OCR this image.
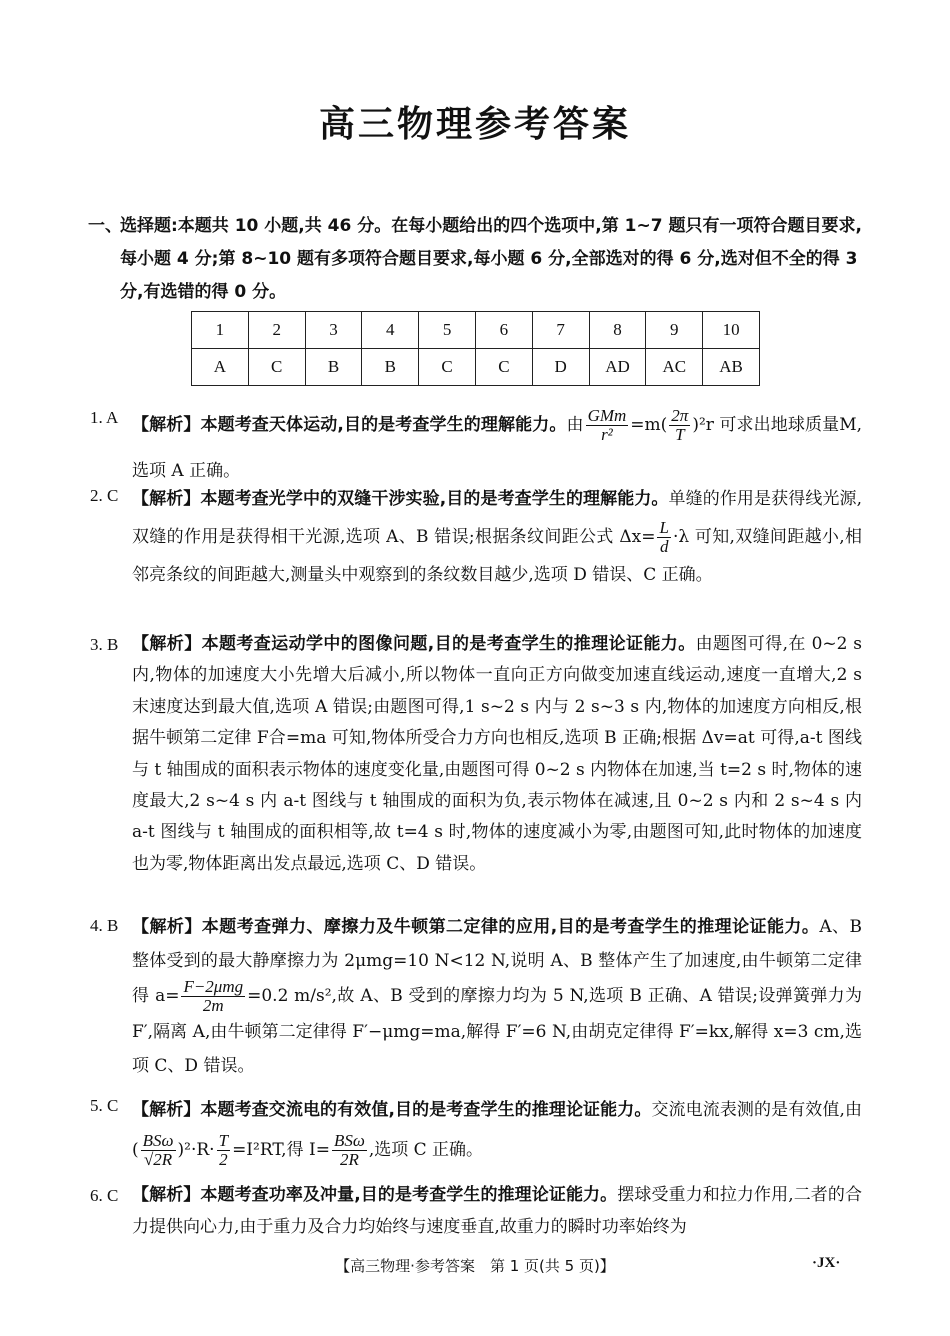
高三物理参考答案
一、
选择题:本题共 10 小题,共 46 分。在每小题给出的四个选项中,第 1~7 题只有一项符合题目要求,每小题 4 分;第 8~10 题有多项符合题目要求,每小题 6 分,全部选对的得 6 分,选对但不全的得 3 分,有选错的得 0 分。
1	2	3	4	5	6	7	8	9	10
A	C	B	B	C	C	D	AD	AC	AB
1. A 【解析】本题考查天体运动,目的是考查学生的理解能力。由 $\frac{\text{GMm}}{\text{r²}} =m( \frac{2\pi}{T} )^2r$ 可求出地球质量M,选项 A 正确。
2. C 【解析】本题考查光学中的双缝干涉实验,目的是考查学生的理解能力。单缝的作用是获得线光源,双缝的作用是获得相干光源,选项 A、B 错误;根据条纹间距公式 $\Delta x= \frac{L}{d} \cdot\lambda$ 可知,双缝间距越小,相邻亮条纹的间距越大,测量头中观察到的条纹数目越少,选项 D 错误、C 正确。
3. B 【解析】本题考查运动学中的图像问题,目的是考查学生的推理论证能力。由题图可得,在 0~2 s 内,物体的加速度大小先增大后减小,所以物体一直向正方向做变加速直线运动,速度一直增大,2 s 末速度达到最大值,选项 A 错误;由题图可得,1 s~2 s 内与 2 s~3 s 内,物体的加速度方向相反,根据牛顿第二定律 F合=ma 可知,物体所受合力方向也相反,选项 B 正确;根据 Δv=at 可得,a-t 图线与 t 轴围成的面积表示物体的速度变化量,由题图可得 0~2 s 内物体在加速,当 t=2 s 时,物体的速度最大,2 s~4 s 内 a-t 图线与 t 轴围成的面积为负,表示物体在减速,且 0~2 s 内和 2 s~4 s 内 a-t 图线与 t 轴围成的面积相等,故 t=4 s 时,物体的速度减小为零,由题图可知,此时物体的加速度也为零,物体距离出发点最远,选项 C、D 错误。
4. B 【解析】本题考查弹力、摩擦力及牛顿第二定律的应用,目的是考查学生的推理论证能力。A、B 整体受到的最大静摩擦力为 2μmg=10 N<12 N,说明 A、B 整体产生了加速度,由牛顿第二定律得 $a= \frac{\text{F−2μmg}}{2m} =0.2$ m/s²,故 A、B 受到的摩擦力均为 5 N,选项 B 正确、A 错误;设弹簧弹力为 F′,隔离 A,由牛顿第二定律得 F′−μmg=ma,解得 F′=6 N,由胡克定律得 F′=kx,解得 x=3 cm,选项 C、D 错误。
5. C 【解析】本题考查交流电的有效值,目的是考查学生的推理论证能力。交流电流表测的是有效值,由( $\frac{\text{BSω}}{√2R} )^2\cdot R\cdot \frac{T}{2} =I^2RT$,得 $I= \frac{\text{BSω}}{2R}$ ,选项 C 正确。
6. C 【解析】本题考查功率及冲量,目的是考查学生的推理论证能力。摆球受重力和拉力作用,二者的合力提供向心力,由于重力及合力均始终与速度垂直,故重力的瞬时功率始终为
【高三物理·参考答案　第 1 页(共 5 页)】	·JX·
